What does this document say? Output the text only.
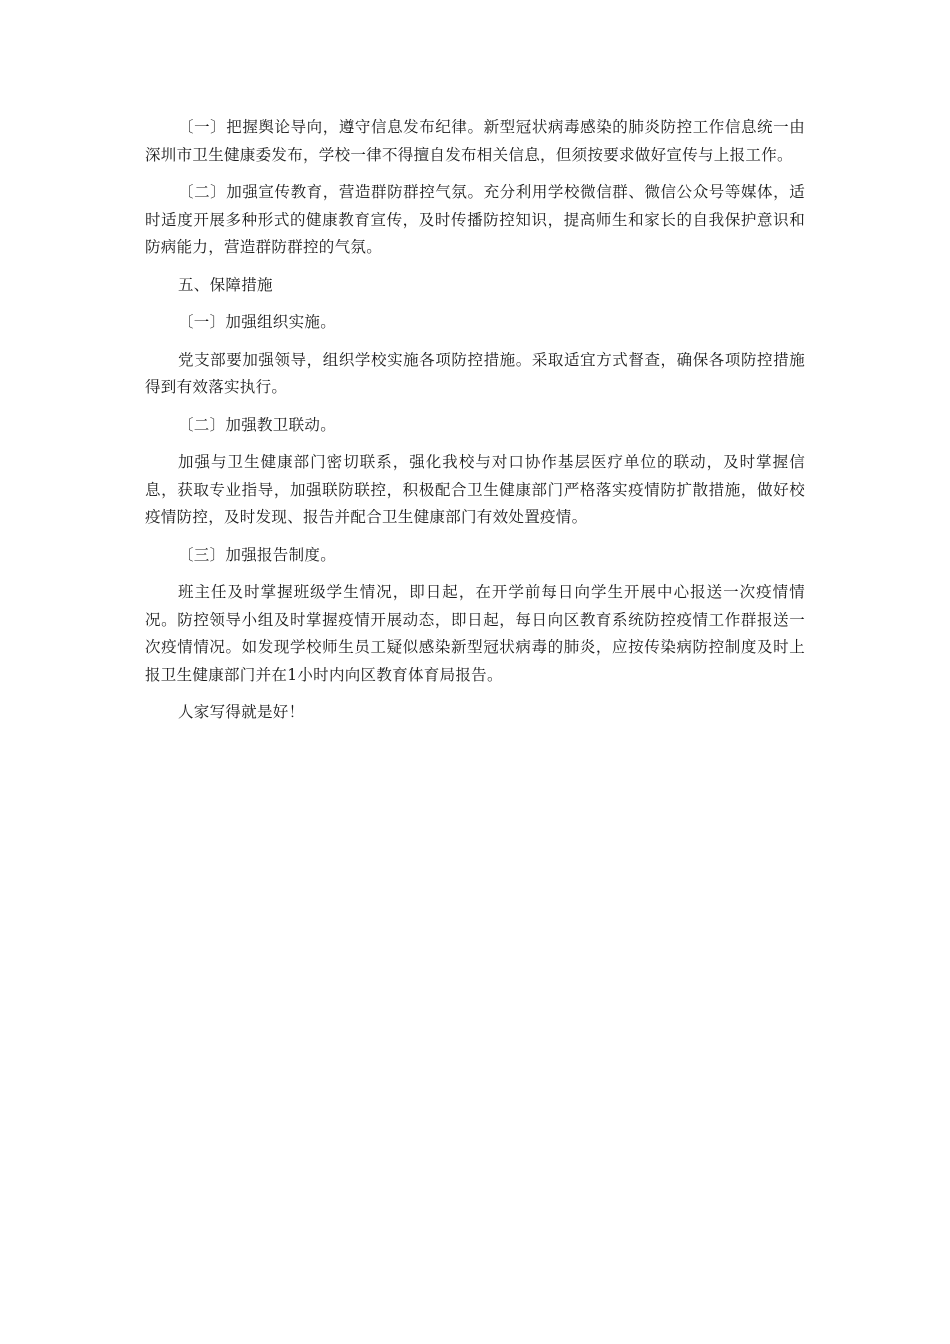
〔一〕把握舆论导向，遵守信息发布纪律。新型冠状病毒感染的肺炎防控工作信息统一由深圳市卫生健康委发布，学校一律不得擅自发布相关信息，但须按要求做好宣传与上报工作。

〔二〕加强宣传教育，营造群防群控气氛。充分利用学校微信群、微信公众号等媒体，适时适度开展多种形式的健康教育宣传，及时传播防控知识，提高师生和家长的自我保护意识和防病能力，营造群防群控的气氛。

五、保障措施

〔一〕加强组织实施。

党支部要加强领导，组织学校实施各项防控措施。采取适宜方式督查，确保各项防控措施得到有效落实执行。

〔二〕加强教卫联动。

加强与卫生健康部门密切联系，强化我校与对口协作基层医疗单位的联动，及时掌握信息，获取专业指导，加强联防联控，积极配合卫生健康部门严格落实疫情防扩散措施，做好校疫情防控，及时发现、报告并配合卫生健康部门有效处置疫情。

〔三〕加强报告制度。

班主任及时掌握班级学生情况，即日起，在开学前每日向学生开展中心报送一次疫情情况。防控领导小组及时掌握疫情开展动态，即日起，每日向区教育系统防控疫情工作群报送一次疫情情况。如发现学校师生员工疑似感染新型冠状病毒的肺炎，应按传染病防控制度及时上报卫生健康部门并在1小时内向区教育体育局报告。

人家写得就是好！
